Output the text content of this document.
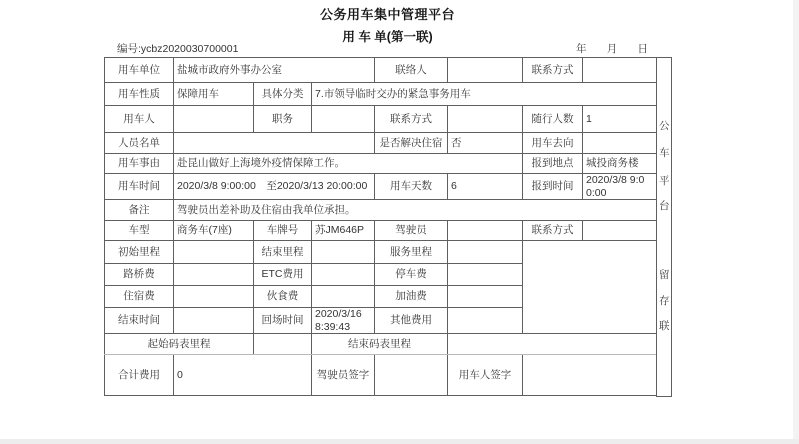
公务用车集中管理平台
用 车 单(第一联)
编号:ycbz2020030700001	年 月 日
用车单位	盐城市政府外事办公室			联络人		联系方式	
用车性质	保障用车	具体分类	7.市领导临时交办的紧急事务用车				
用车人		职务		联系方式		随行人数	1
人员名单				是否解决住宿	否	用车去向	
用车事由	赴昆山做好上海境外疫情保障工作。					报到地点	城投商务楼
用车时间	2020/3/8 9:00:00　至2020/3/13 20:00:00			用车天数	6	报到时间	2020/3/8 9:00:00
备注	驾驶员出差补助及住宿由我单位承担。						
车型	商务车(7座)	车牌号	苏JM646P	驾驶员		联系方式	
初始里程		结束里程		服务里程			
路桥费		ETC费用		停车费			
住宿费		伙食费		加油费			
结束时间		回场时间	2020/3/16 8:39:43	其他费用			
起始码表里程			结束码表里程				
合计费用	0		驾驶员签字		用车人签字		
公
车
平
台
留
存
联
